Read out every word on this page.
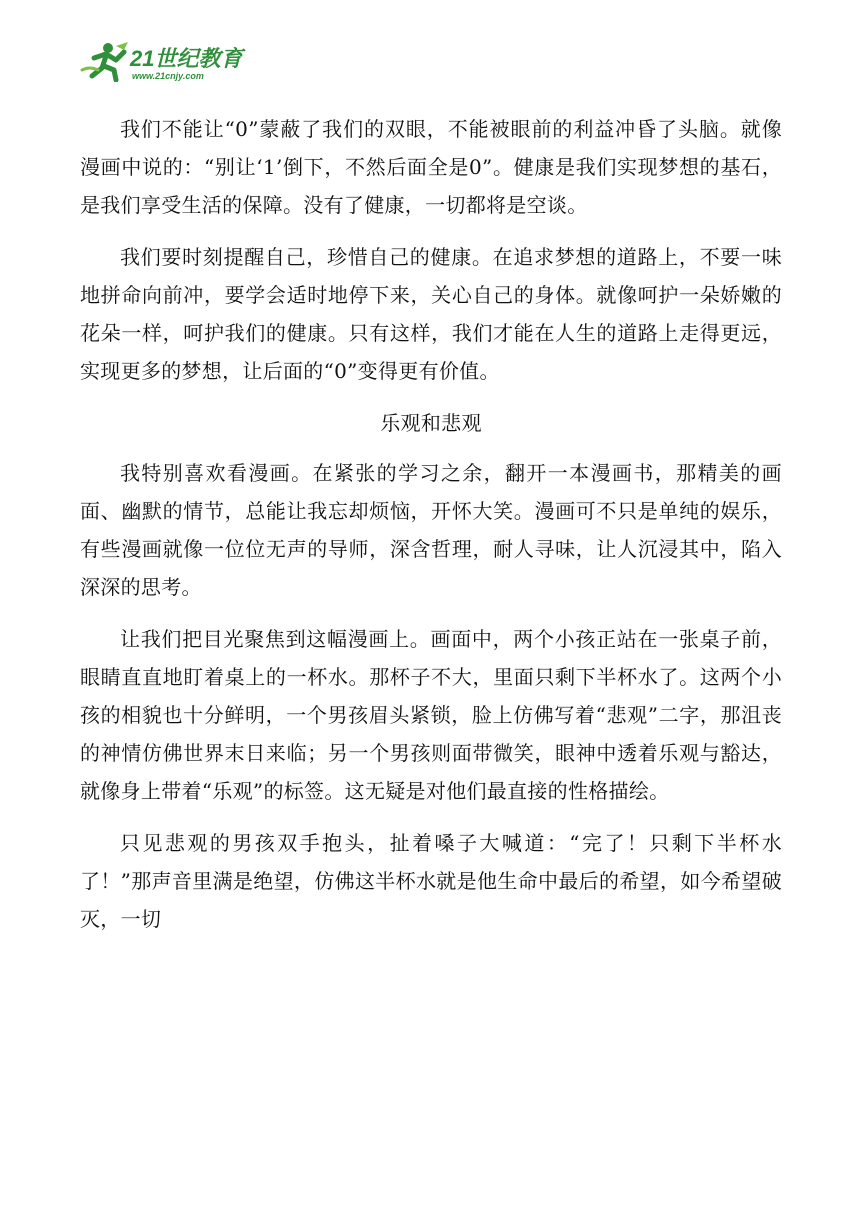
21世纪教育
www.21cnjy.com

我们不能让“0”蒙蔽了我们的双眼，不能被眼前的利益冲昏了头脑。就像漫画中说的：“别让‘1’倒下，不然后面全是0”。健康是我们实现梦想的基石，是我们享受生活的保障。没有了健康，一切都将是空谈。

我们要时刻提醒自己，珍惜自己的健康。在追求梦想的道路上，不要一味地拼命向前冲，要学会适时地停下来，关心自己的身体。就像呵护一朵娇嫩的花朵一样，呵护我们的健康。只有这样，我们才能在人生的道路上走得更远，实现更多的梦想，让后面的“0”变得更有价值。

乐观和悲观

我特别喜欢看漫画。在紧张的学习之余，翻开一本漫画书，那精美的画面、幽默的情节，总能让我忘却烦恼，开怀大笑。漫画可不只是单纯的娱乐，有些漫画就像一位位无声的导师，深含哲理，耐人寻味，让人沉浸其中，陷入深深的思考。

让我们把目光聚焦到这幅漫画上。画面中，两个小孩正站在一张桌子前，眼睛直直地盯着桌上的一杯水。那杯子不大，里面只剩下半杯水了。这两个小孩的相貌也十分鲜明，一个男孩眉头紧锁，脸上仿佛写着“悲观”二字，那沮丧的神情仿佛世界末日来临；另一个男孩则面带微笑，眼神中透着乐观与豁达，就像身上带着“乐观”的标签。这无疑是对他们最直接的性格描绘。

只见悲观的男孩双手抱头，扯着嗓子大喊道：“完了！只剩下半杯水了！”那声音里满是绝望，仿佛这半杯水就是他生命中最后的希望，如今希望破灭，一切
